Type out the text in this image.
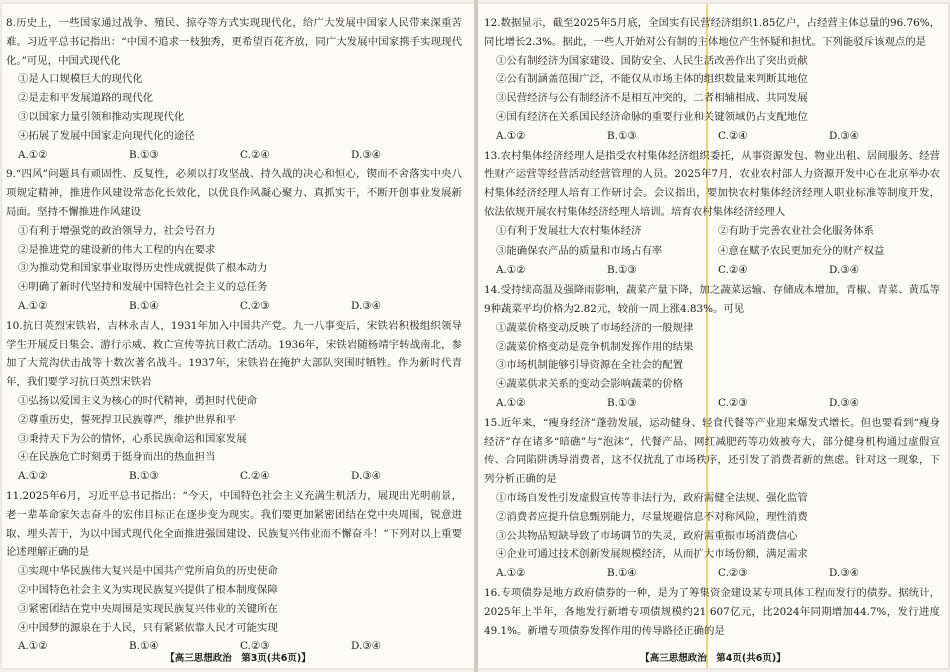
8.历史上，一些国家通过战争、殖民、掠夺等方式实现现代化，给广大发展中国家人民带来深重苦难。习近平总书记指出：“中国不追求一枝独秀，更希望百花齐放，同广大发展中国家携手实现现代化。”可见，中国式现代化

①是人口规模巨大的现代化

②是走和平发展道路的现代化

③以国家力量引领和推动实现现代化

④拓展了发展中国家走向现代化的途径

A.①②	B.①③	C.②④	D.③④

9.“四风”问题具有顽固性、反复性，必须以打攻坚战、持久战的决心和恒心，锲而不舍落实中央八项规定精神，推进作风建设常态化长效化，以优良作风凝心聚力、真抓实干，不断开创事业发展新局面。坚持不懈推进作风建设

①有利于增强党的政治领导力，社会号召力

②是推进党的建设新的伟大工程的内在要求

③为推动党和国家事业取得历史性成就提供了根本动力

④明确了新时代坚持和发展中国特色社会主义的总任务

A.①②	B.①④	C.②③	D.③④

10.抗日英烈宋铁岩，吉林永吉人，1931年加入中国共产党。九一八事变后，宋铁岩积极组织领导学生开展反日集会、游行示威、救亡宣传等抗日救亡活动。1936年，宋铁岩随杨靖宇转战南北，参加了大荒沟伏击战等十数次著名战斗。1937年，宋铁岩在掩护大部队突围时牺牲。作为新时代青年，我们要学习抗日英烈宋铁岩

①弘扬以爱国主义为核心的时代精神，勇担时代使命

②尊重历史，誓死捍卫民族尊严，维护世界和平

③秉持天下为公的情怀，心系民族命运和国家发展

④在民族危亡时刻勇于挺身而出的热血担当

A.①②	B.①③	C.②④	D.③④

11.2025年6月，习近平总书记指出：“今天，中国特色社会主义充满生机活力，展现出光明前景，老一辈革命家矢志奋斗的宏伟目标正在逐步变为现实。我们要更加紧密团结在党中央周围，锐意进取、埋头苦干，为以中国式现代化全面推进强国建设、民族复兴伟业而不懈奋斗！”下列对以上重要论述理解正确的是

①实现中华民族伟大复兴是中国共产党所肩负的历史使命

②中国特色社会主义为实现民族复兴提供了根本制度保障

③紧密团结在党中央周围是实现民族复兴伟业的关键所在

④中国梦的源泉在于人民，只有紧紧依靠人民才可能实现

A.①②	B.①④	C.②③	D.③④
【高三思想政治　第3页(共6页)】

12.数据显示，截至2025年5月底，全国实有民营经济组织1.85亿户，占经营主体总量的96.76%，同比增长2.3%。据此，一些人开始对公有制的主体地位产生怀疑和担忧。下列能驳斥该观点的是

①公有制经济为国家建设、国防安全、人民生活改善作出了突出贡献

②公有制涵盖范围广泛，不能仅从市场主体的组织数量来判断其地位

③民营经济与公有制经济不是相互冲突的，二者相辅相成、共同发展

④国有经济在关系国民经济命脉的重要行业和关键领域仍占支配地位

A.①②	B.①③	C.②④	D.③④

13.农村集体经济经理人是指受农村集体经济组织委托，从事资源发包、物业出租、居间服务、经营性财产运营等经营活动经营管理的人员。2025年7月，农业农村部人力资源开发中心在北京举办农村集体经济经理人培育工作研讨会。会议指出，要加快农村集体经济经理人职业标准等制度开发，依法依规开展农村集体经济经理人培训。培育农村集体经济经理人

①有利于发展壮大农村集体经济	②有助于完善农业社会化服务体系
③能确保农产品的质量和市场占有率	④意在赋予农民更加充分的财产权益
A.①②	B.①③	C.②④	D.③④

14.受持续高温及强降雨影响，蔬菜产量下降，加之蔬菜运输、存储成本增加，青椒、青菜、黄瓜等9种蔬菜平均价格为2.82元，较前一周上涨4.83%。可见

①蔬菜价格变动反映了市场经济的一般规律

②蔬菜价格变动是竞争机制发挥作用的结果

③市场机制能够引导资源在全社会的配置

④蔬菜供求关系的变动会影响蔬菜的价格

A.①②	B.①③	C.②③	D.③④

15.近年来，“瘦身经济”蓬勃发展，运动健身、轻食代餐等产业迎来爆发式增长。但也要看到“瘦身经济”存在诸多“暗礁”与“泡沫”，代餐产品、网红减肥药等功效被夸大，部分健身机构通过虚假宣传、合同陷阱诱导消费者，这不仅扰乱了市场秩序，还引发了消费者新的焦虑。针对这一现象，下列分析正确的是

①市场自发性引发虚假宣传等非法行为，政府需健全法规、强化监管

②消费者应提升信息甄别能力，尽量规避信息不对称风险，理性消费

③公共物品短缺导致了市场调节的失灵，政府需重振市场消费信心

④企业可通过技术创新发展规模经济，从而扩大市场份额，满足需求

A.①②	B.①④	C.②③	D.③④

16.专项债券是地方政府债券的一种，是为了筹集资金建设某专项具体工程而发行的债券。据统计，2025年上半年，各地发行新增专项债规模约21 607亿元，比2024年同期增加44.7%，发行进度49.1%。新增专项债券发挥作用的传导路径正确的是

【高三思想政治　第4页(共6页)】
